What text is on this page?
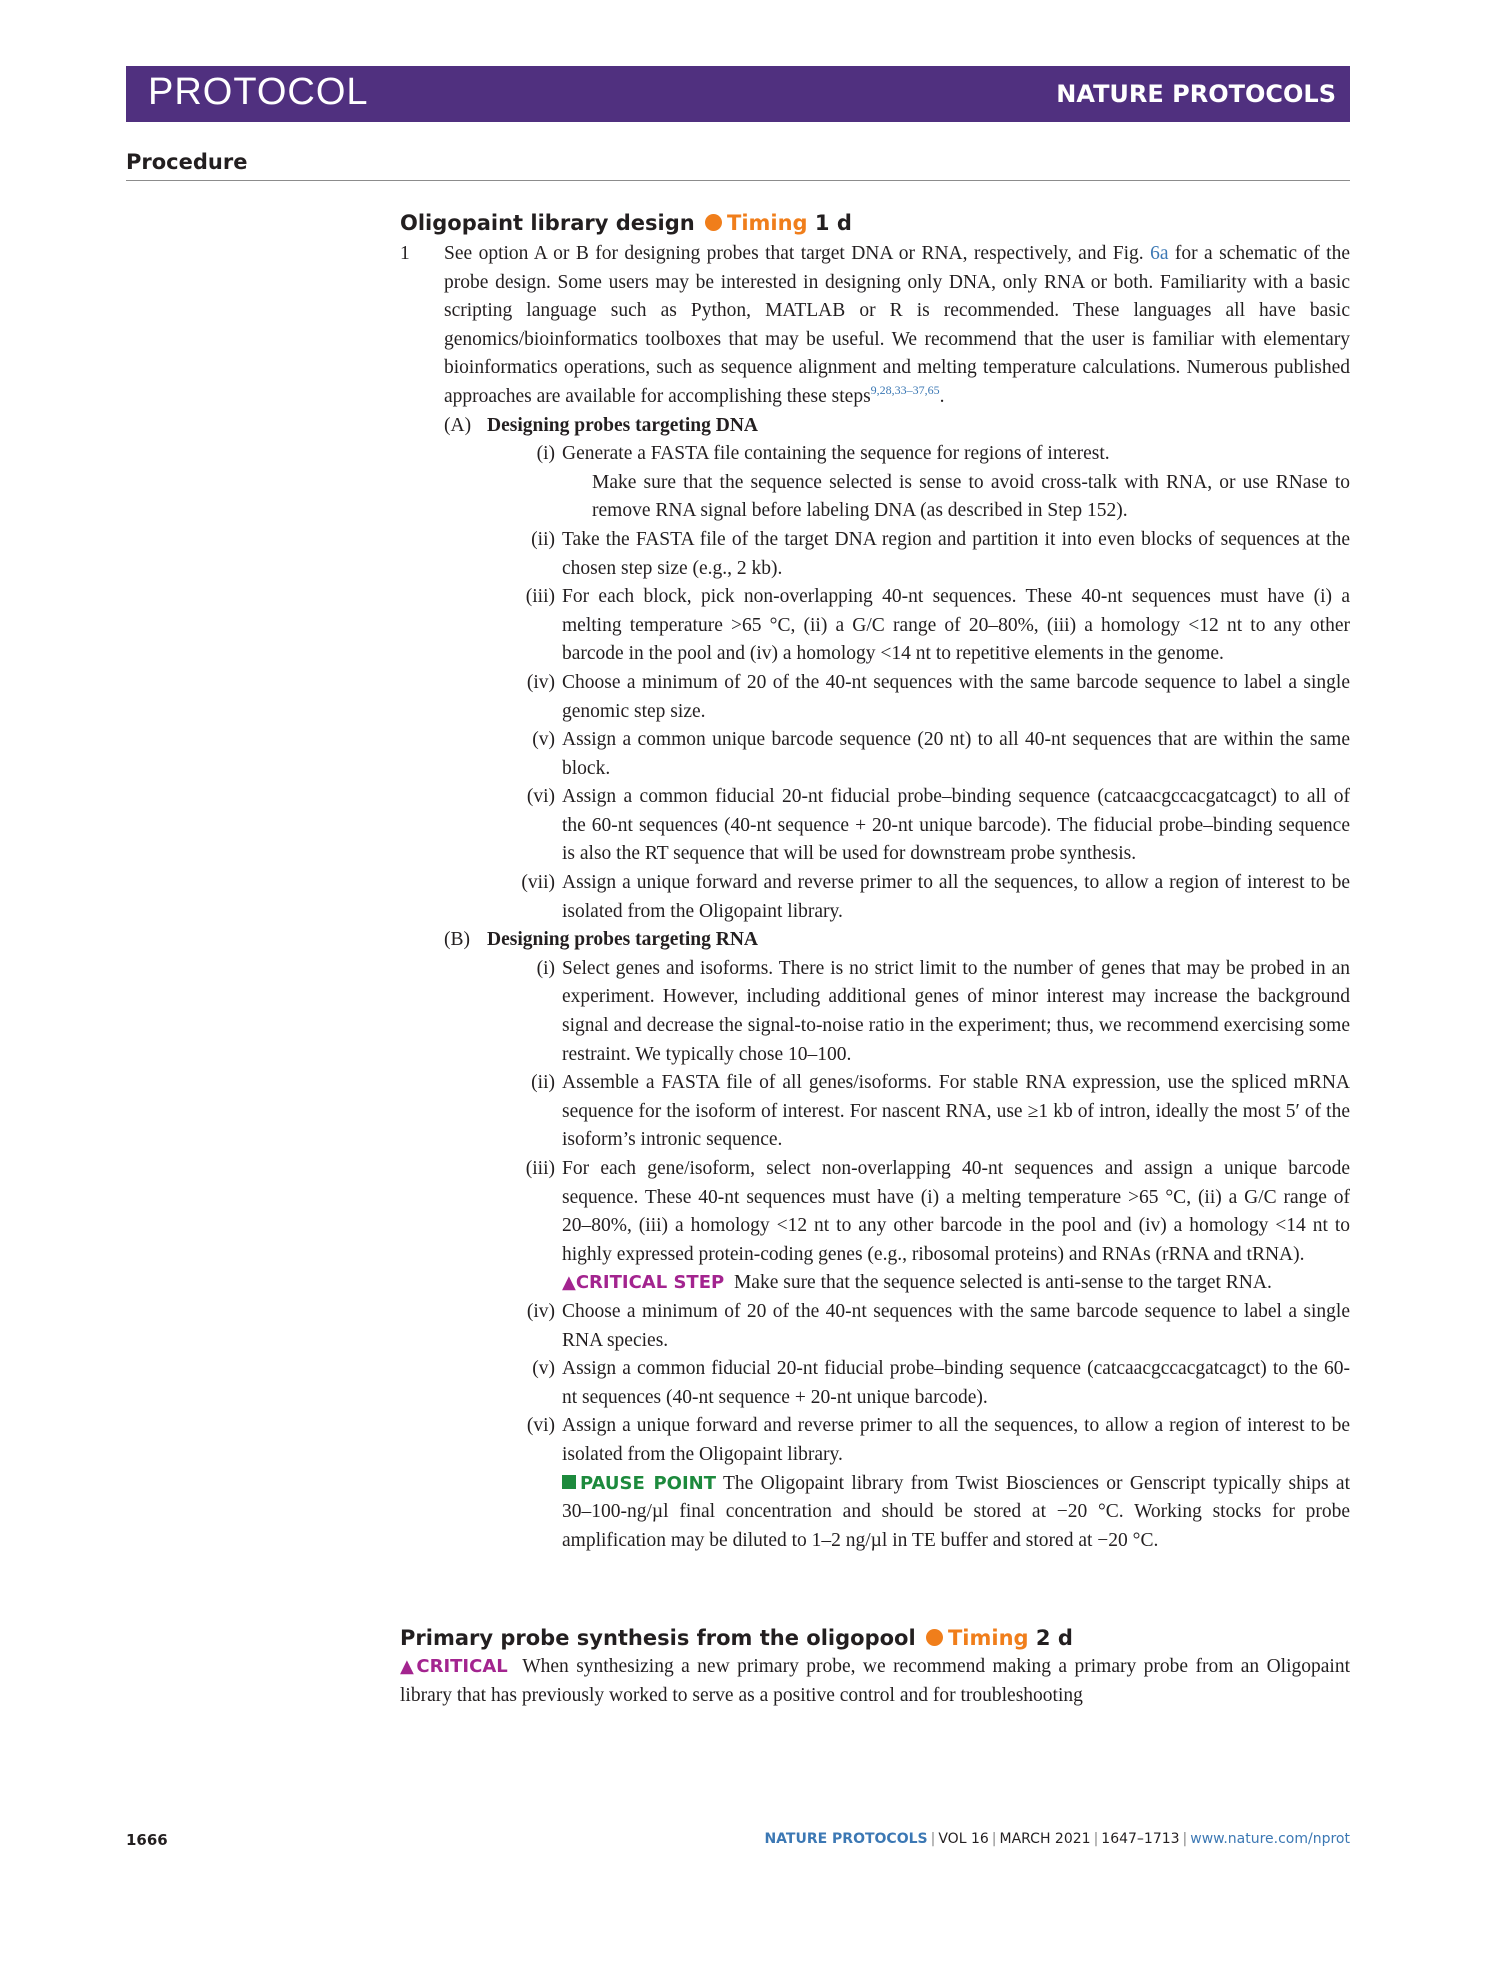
PROTOCOL	NATURE PROTOCOLS
Procedure
Oligopaint library design Timing 1 d
1 See option A or B for designing probes that target DNA or RNA, respectively, and Fig. 6a for a schematic of the probe design. Some users may be interested in designing only DNA, only RNA or both. Familiarity with a basic scripting language such as Python, MATLAB or R is recommended. These languages all have basic genomics/bioinformatics toolboxes that may be useful. We recommend that the user is familiar with elementary bioinformatics operations, such as sequence alignment and melting temperature calculations. Numerous published approaches are available for accomplishing these steps$^{9,28,33-37,65}$.
(A) Designing probes targeting DNA
(i) Generate a FASTA file containing the sequence for regions of interest.
Make sure that the sequence selected is sense to avoid cross-talk with RNA, or use RNase to remove RNA signal before labeling DNA (as described in Step 152).
(ii) Take the FASTA file of the target DNA region and partition it into even blocks of sequences at the chosen step size (e.g., 2 kb).
(iii) For each block, pick non-overlapping 40-nt sequences. These 40-nt sequences must have (i) a melting temperature >65 °C, (ii) a G/C range of 20–80%, (iii) a homology <12 nt to any other barcode in the pool and (iv) a homology <14 nt to repetitive elements in the genome.
(iv) Choose a minimum of 20 of the 40-nt sequences with the same barcode sequence to label a single genomic step size.
(v) Assign a common unique barcode sequence (20 nt) to all 40-nt sequences that are within the same block.
(vi) Assign a common fiducial 20-nt fiducial probe–binding sequence (catcaacgccacgatcagct) to all of the 60-nt sequences (40-nt sequence + 20-nt unique barcode). The fiducial probe–binding sequence is also the RT sequence that will be used for downstream probe synthesis.
(vii) Assign a unique forward and reverse primer to all the sequences, to allow a region of interest to be isolated from the Oligopaint library.
(B) Designing probes targeting RNA
(i) Select genes and isoforms. There is no strict limit to the number of genes that may be probed in an experiment. However, including additional genes of minor interest may increase the background signal and decrease the signal-to-noise ratio in the experiment; thus, we recommend exercising some restraint. We typically chose 10–100.
(ii) Assemble a FASTA file of all genes/isoforms. For stable RNA expression, use the spliced mRNA sequence for the isoform of interest. For nascent RNA, use ≥1 kb of intron, ideally the most 5′ of the isoform’s intronic sequence.
(iii) For each gene/isoform, select non-overlapping 40-nt sequences and assign a unique barcode sequence. These 40-nt sequences must have (i) a melting temperature >65 °C, (ii) a G/C range of 20–80%, (iii) a homology <12 nt to any other barcode in the pool and (iv) a homology <14 nt to highly expressed protein-coding genes (e.g., ribosomal proteins) and RNAs (rRNA and tRNA).
▲CRITICAL STEP Make sure that the sequence selected is anti-sense to the target RNA.
(iv) Choose a minimum of 20 of the 40-nt sequences with the same barcode sequence to label a single RNA species.
(v) Assign a common fiducial 20-nt fiducial probe–binding sequence (catcaacgccacgatcagct) to the 60-nt sequences (40-nt sequence + 20-nt unique barcode).
(vi) Assign a unique forward and reverse primer to all the sequences, to allow a region of interest to be isolated from the Oligopaint library.
PAUSE POINT The Oligopaint library from Twist Biosciences or Genscript typically ships at 30–100-ng/µl final concentration and should be stored at −20 °C. Working stocks for probe amplification may be diluted to 1–2 ng/µl in TE buffer and stored at −20 °C.
Primary probe synthesis from the oligopool Timing 2 d
▲CRITICAL When synthesizing a new primary probe, we recommend making a primary probe from an Oligopaint library that has previously worked to serve as a positive control and for troubleshooting
1666	NATURE PROTOCOLS | VOL 16 | MARCH 2021 | 1647–1713 | www.nature.com/nprot
